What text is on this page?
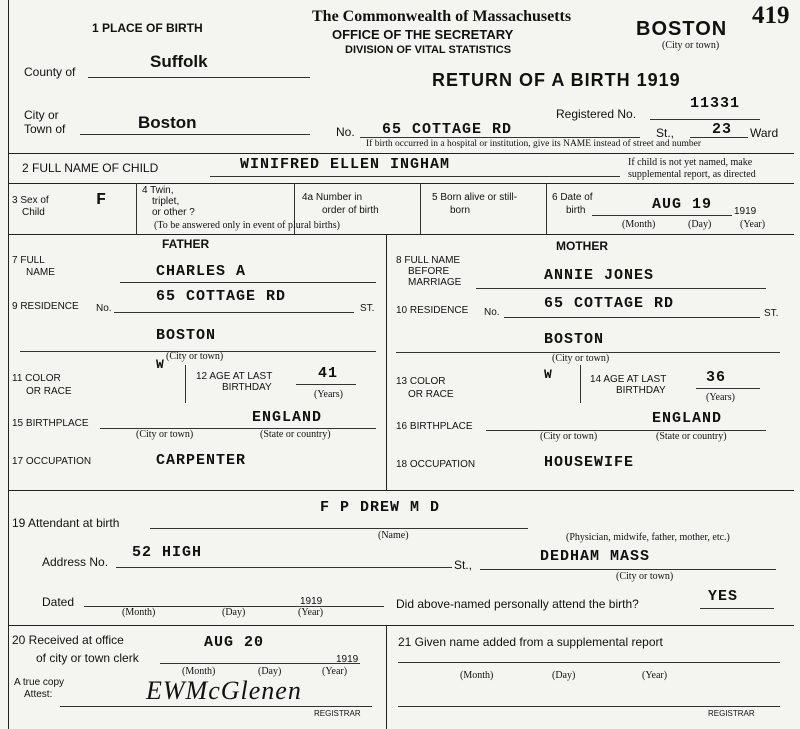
1 PLACE OF BIRTH
The Commonwealth of Massachusetts
OFFICE OF THE SECRETARY
DIVISION OF VITAL STATISTICS
BOSTON
(City or town)
419
County of
Suffolk
RETURN OF A BIRTH 1919
City or
Town of	Boston	Registered No.
11331
No. 65 COTTAGE RD	St.,	23 Ward
If birth occurred in a hospital or institution, give its NAME instead of street and number
2 FULL NAME OF CHILD	WINIFRED ELLEN INGHAM	If child is not yet named, make
supplemental report, as directed
3 Sex of
Child
F
4 Twin,
triplet,
or other ?
4a Number in
order of birth
(To be answered only in event of plural births)
5 Born alive or still-
born
6 Date of
birth	AUG 19 1919
(Month)	(Day)	(Year)
FATHER
7 FULL
NAME	CHARLES A
9 RESIDENCE No.
65 COTTAGE RD
ST.
BOSTON
(City or town)
W
11 COLOR
OR RACE
12 AGE AT LAST
BIRTHDAY
41
(Years)
15 BIRTHPLACE	ENGLAND
(City or town)	(State or country)
17 OCCUPATION	CARPENTER
MOTHER
8 FULL NAME
BEFORE
MARRIAGE	ANNIE JONES
10 RESIDENCE No.
65 COTTAGE RD
ST.
BOSTON
(City or town)
13 COLOR
OR RACE
W	14 AGE AT LAST
BIRTHDAY
36
(Years)
16 BIRTHPLACE	ENGLAND
(City or town)	(State or country)
18 OCCUPATION	HOUSEWIFE
F P DREW M D
19 Attendant at birth
(Name)	(Physician, midwife, father, mother, etc.)
Address No.
52 HIGH
St.,	DEDHAM MASS
(City or town)
Dated	1919
(Month)	(Day)	(Year)
Did above-named personally attend the birth?	YES
20 Received at office
of city or town clerk
AUG 20
1919
(Month)	(Day)	(Year)
21 Given name added from a supplemental report
(Month)	(Day)	(Year)
A true copy
Attest:	EWMcGlenen
REGISTRAR	REGISTRAR
